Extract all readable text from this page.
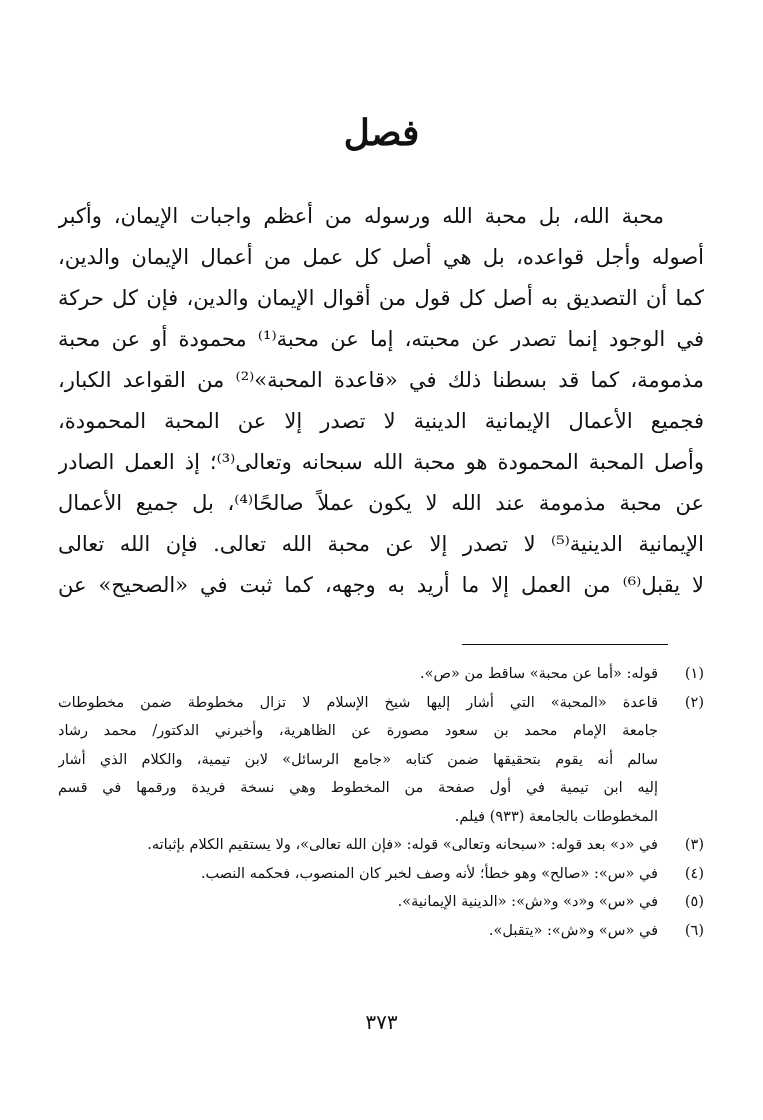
فصل
محبة الله، بل محبة الله ورسوله من أعظم واجبات الإيمان، وأكبر
أصوله وأجل قواعده، بل هي أصل كل عمل من أعمال الإيمان والدين،
كما أن التصديق به أصل كل قول من أقوال الإيمان والدين، فإن كل حركة
في الوجود إنما تصدر عن محبته، إما عن محبة⁽¹⁾ محمودة أو عن محبة
مذمومة، كما قد بسطنا ذلك في «قاعدة المحبة»⁽²⁾ من القواعد الكبار،
فجميع الأعمال الإيمانية الدينية لا تصدر إلا عن المحبة المحمودة،
وأصل المحبة المحمودة هو محبة الله سبحانه وتعالى⁽³⁾؛ إذ العمل الصادر
عن محبة مذمومة عند الله لا يكون عملاً صالحًا⁽⁴⁾، بل جميع الأعمال
الإيمانية الدينية⁽⁵⁾ لا تصدر إلا عن محبة الله تعالى. فإن الله تعالى
لا يقبل⁽⁶⁾ من العمل إلا ما أريد به وجهه، كما ثبت في «الصحيح» عن
(١)
قوله: «أما عن محبة» ساقط من «ص».
(٢)
قاعدة «المحبة» التي أشار إليها شيخ الإسلام لا تزال مخطوطة ضمن مخطوطات
جامعة الإمام محمد بن سعود مصورة عن الظاهرية، وأخبرني الدكتور/ محمد رشاد
سالم أنه يقوم بتحقيقها ضمن كتابه «جامع الرسائل» لابن تيمية، والكلام الذي أشار
إليه ابن تيمية في أول صفحة من المخطوط وهي نسخة فريدة ورقمها في قسم
المخطوطات بالجامعة (٩٣٣) فيلم.
(٣)
في «د» بعد قوله: «سبحانه وتعالى» قوله: «فإن الله تعالى»، ولا يستقيم الكلام بإثباته.
(٤)
في «س»: «صالح» وهو خطأ؛ لأنه وصف لخبر كان المنصوب، فحكمه النصب.
(٥)
في «س» و«د» و«ش»: «الدينية الإيمانية».
(٦)
في «س» و«ش»: «يتقبل».
٣٧٣
